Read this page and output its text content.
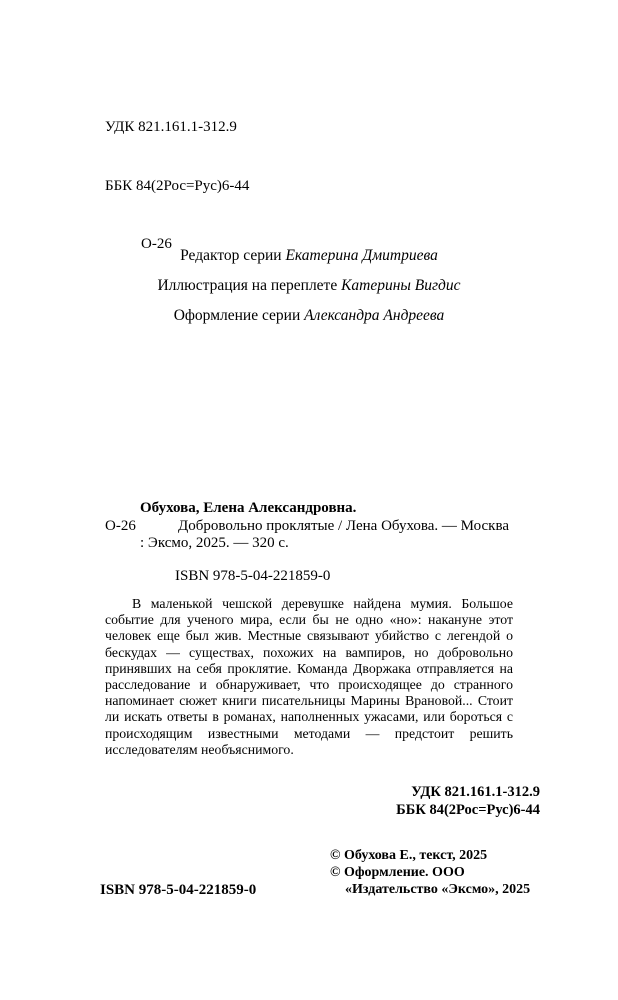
УДК 821.161.1-312.9

ББК 84(2Рос=Рус)6-44

О-26

Редактор серии Екатерина Дмитриева
Иллюстрация на переплете Катерины Вигдис
Оформление серии Александра Андреева
Обухова, Елена Александровна.
О-26	Добровольно проклятые / Лена Обухова. — Москва : Эксмо, 2025. — 320 с.
ISBN 978-5-04-221859-0
В маленькой чешской деревушке найдена мумия. Большое событие для ученого мира, если бы не одно «но»: накануне этот человек еще был жив. Местные связывают убийство с легендой о бескудах — существах, похожих на вампиров, но добровольно принявших на себя проклятие. Команда Дворжака отправляется на расследование и обнаруживает, что происходящее до странного напоминает сюжет книги писательницы Марины Врановой... Стоит ли искать ответы в романах, наполненных ужасами, или бороться с происходящим известными методами — предстоит решить исследователям необъяснимого.
УДК 821.161.1-312.9
ББК 84(2Рос=Рус)6-44
© Обухова Е., текст, 2025
© Оформление. ООО «Издательство «Эксмо», 2025
ISBN 978-5-04-221859-0
